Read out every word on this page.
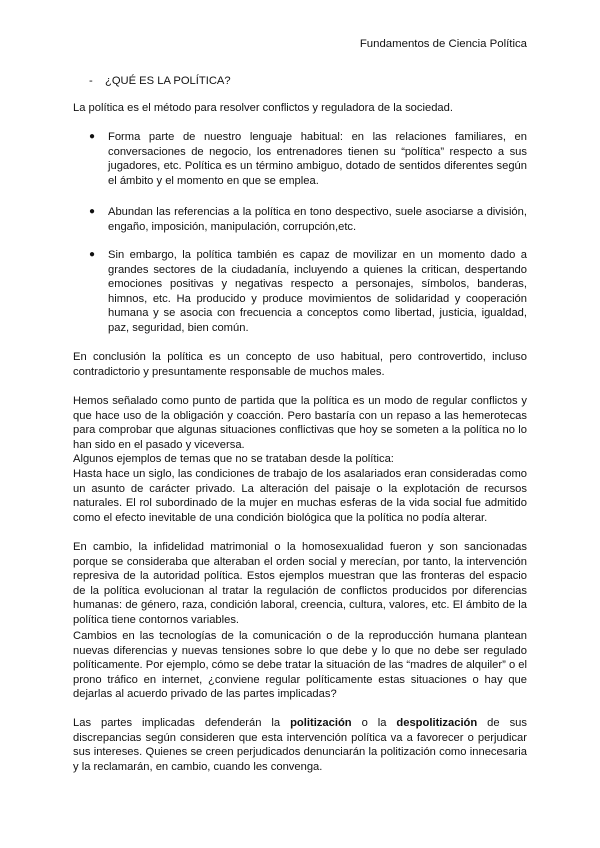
Fundamentos de Ciencia Política
- ¿QUÉ ES LA POLÍTICA?

La política es el método para resolver conflictos y reguladora de la sociedad.

● Forma parte de nuestro lenguaje habitual: en las relaciones familiares, en conversaciones de negocio, los entrenadores tienen su “política” respecto a sus jugadores, etc. Política es un término ambiguo, dotado de sentidos diferentes según el ámbito y el momento en que se emplea.

● Abundan las referencias a la política en tono despectivo, suele asociarse a división, engaño, imposición, manipulación, corrupción,etc.

● Sin embargo, la política también es capaz de movilizar en un momento dado a grandes sectores de la ciudadanía, incluyendo a quienes la critican, despertando emociones positivas y negativas respecto a personajes, símbolos, banderas, himnos, etc. Ha producido y produce movimientos de solidaridad y cooperación humana y se asocia con frecuencia a conceptos como libertad, justicia, igualdad, paz, seguridad, bien común.

En conclusión la política es un concepto de uso habitual, pero controvertido, incluso contradictorio y presuntamente responsable de muchos males.

Hemos señalado como punto de partida que la política es un modo de regular conflictos y que hace uso de la obligación y coacción. Pero bastaría con un repaso a las hemerotecas para comprobar que algunas situaciones conflictivas que hoy se someten a la política no lo han sido en el pasado y viceversa.

Algunos ejemplos de temas que no se trataban desde la política:

Hasta hace un siglo, las condiciones de trabajo de los asalariados eran consideradas como un asunto de carácter privado. La alteración del paisaje o la explotación de recursos naturales. El rol subordinado de la mujer en muchas esferas de la vida social fue admitido como el efecto inevitable de una condición biológica que la política no podía alterar.

En cambio, la infidelidad matrimonial o la homosexualidad fueron y son sancionadas porque se consideraba que alteraban el orden social y merecían, por tanto, la intervención represiva de la autoridad política. Estos ejemplos muestran que las fronteras del espacio de la política evolucionan al tratar la regulación de conflictos producidos por diferencias humanas: de género, raza, condición laboral, creencia, cultura, valores, etc. El ámbito de la política tiene contornos variables.

Cambios en las tecnologías de la comunicación o de la reproducción humana plantean nuevas diferencias y nuevas tensiones sobre lo que debe y lo que no debe ser regulado políticamente. Por ejemplo, cómo se debe tratar la situación de las “madres de alquiler” o el prono tráfico en internet, ¿conviene regular políticamente estas situaciones o hay que dejarlas al acuerdo privado de las partes implicadas?

Las partes implicadas defenderán la politización o la despolitización de sus discrepancias según consideren que esta intervención política va a favorecer o perjudicar sus intereses. Quienes se creen perjudicados denunciarán la politización como innecesaria y la reclamarán, en cambio, cuando les convenga.
